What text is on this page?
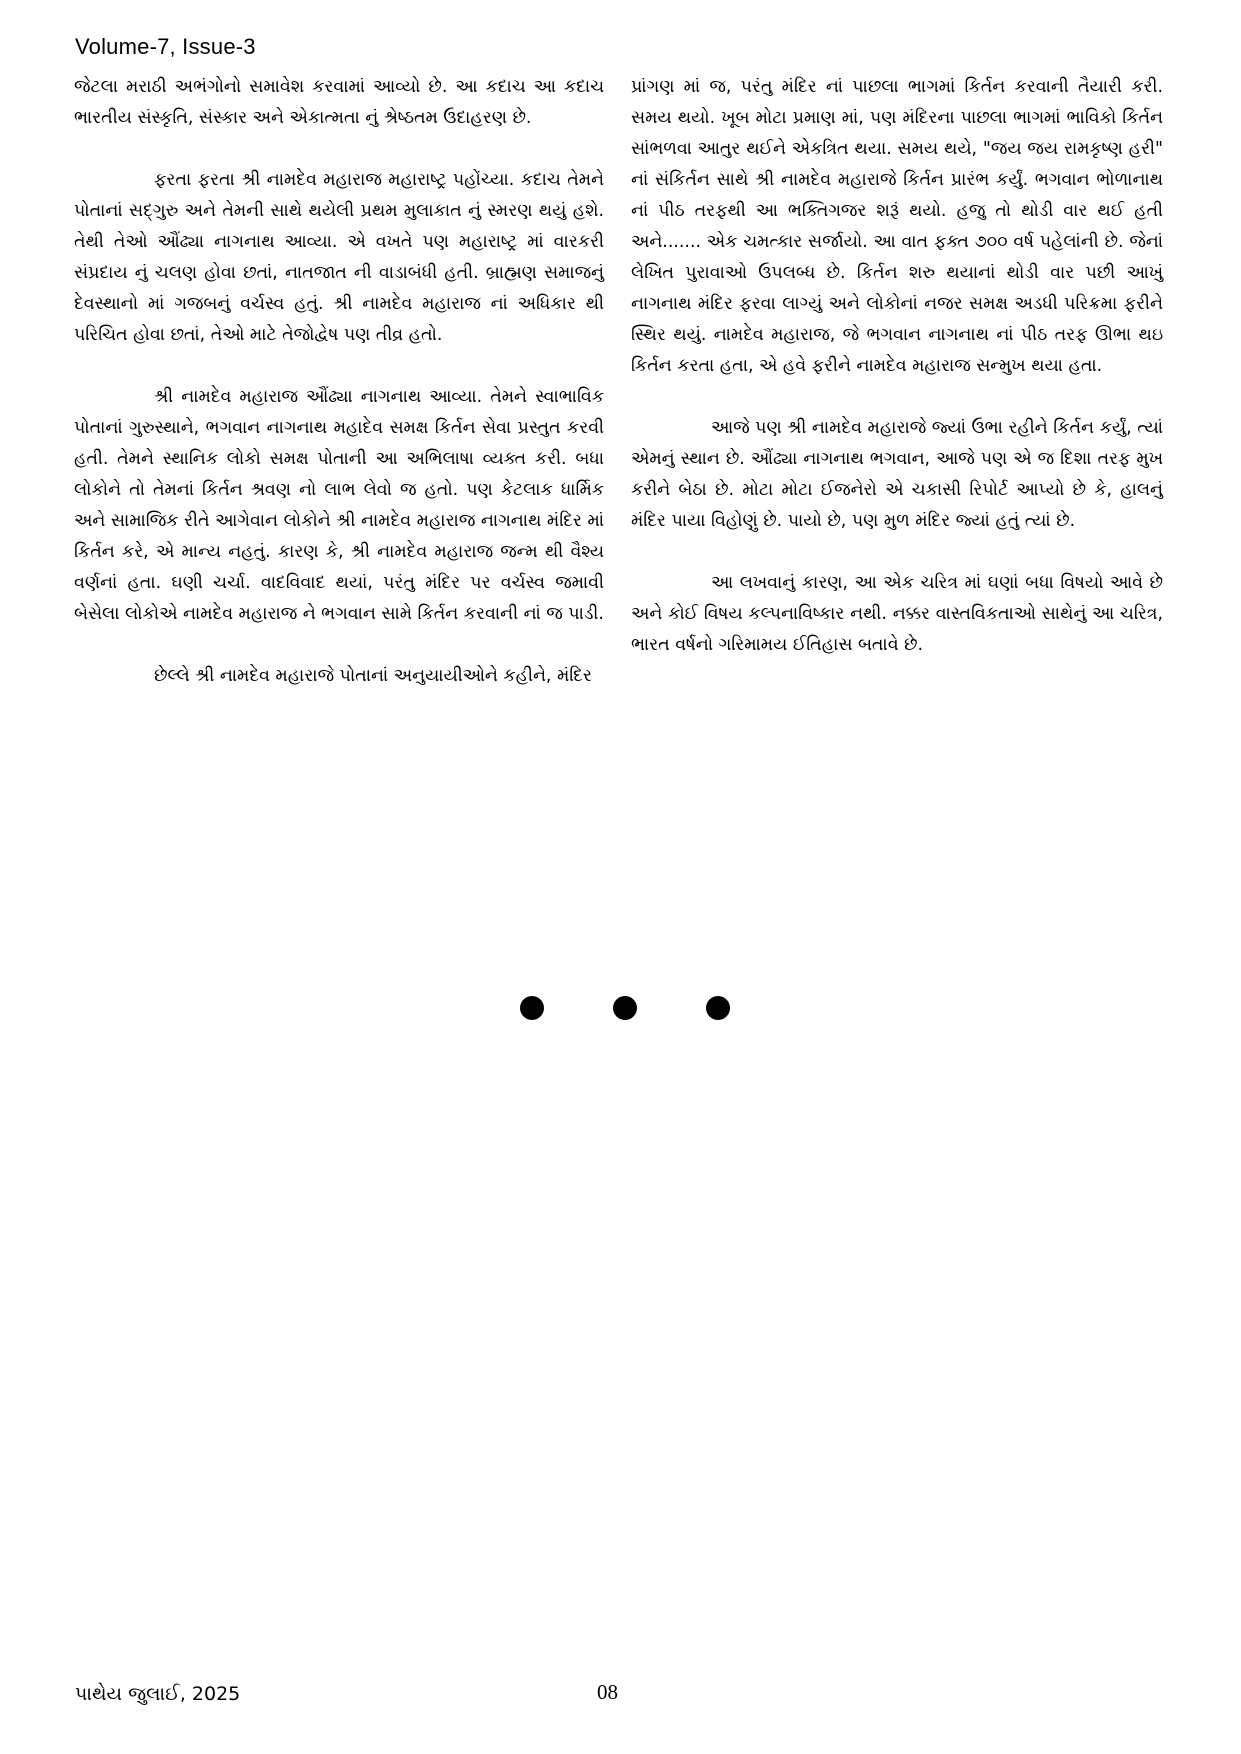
Volume-7, Issue-3

જેટલા મરાઠી અભંગોનો સમાવેશ કરવામાં આવ્યો છે. આ કદાચ આ કદાચ ભારતીય સંસ્કૃતિ, સંસ્કાર અને એકાત્મતા નું શ્રેષ્ઠતમ ઉદાહરણ છે.

ફરતા ફરતા શ્રી નામદેવ મહારાજ મહારાષ્ટ્ર પહોંચ્યા. કદાચ તેમને પોતાનાં સદ્ગુરુ અને તેમની સાથે થયેલી પ્રથમ મુલાકાત નું સ્મરણ થયું હશે. તેથી તેઓ ઔંઢ્યા નાગનાથ આવ્યા. એ વખતે પણ મહારાષ્ટ્ર માં વારકરી સંપ્રદાય નું ચલણ હોવા છતાં, નાતજાત ની વાડાબંધી હતી. બ્રાહ્મણ સમાજનું દેવસ્થાનો માં ગજબનું વર્ચસ્વ હતું. શ્રી નામદેવ મહારાજ નાં અધિકાર થી પરિચિત હોવા છતાં, તેઓ માટે તેજોદ્વેષ પણ તીવ્ર હતો.

શ્રી નામદેવ મહારાજ ઔંઢ્યા નાગનાથ આવ્યા. તેમને સ્વાભાવિક પોતાનાં ગુરુસ્થાને, ભગવાન નાગનાથ મહાદેવ સમક્ષ કિર્તન સેવા પ્રસ્તુત કરવી હતી. તેમને સ્થાનિક લોકો સમક્ષ પોતાની આ અભિલાષા વ્યક્ત કરી. બધા લોકોને તો તેમનાં કિર્તન શ્રવણ નો લાભ લેવો જ હતો. પણ કેટલાક ધાર્મિક અને સામાજિક રીતે આગેવાન લોકોને શ્રી નામદેવ મહારાજ નાગનાથ મંદિર માં કિર્તન કરે, એ માન્ય નહતું. કારણ કે, શ્રી નામદેવ મહારાજ જન્મ થી વૈશ્ય વર્ણનાં હતા. ઘણી ચર્ચા. વાદવિવાદ થયાં, પરંતુ મંદિર પર વર્ચસ્વ જમાવી બેસેલા લોકોએ નામદેવ મહારાજ ને ભગવાન સામે કિર્તન કરવાની નાં જ પાડી.

છેલ્લે શ્રી નામદેવ મહારાજે પોતાનાં અનુયાયીઓને કહીને, મંદિર

પ્રાંગણ માં જ, પરંતુ મંદિર નાં પાછલા ભાગમાં કિર્તન કરવાની તૈયારી કરી. સમય થયો. ખૂબ મોટા પ્રમાણ માં, પણ મંદિરના પાછલા ભાગમાં ભાવિકો કિર્તન સાંભળવા આતુર થઈને એકત્રિત થયા. સમય થયે, "જય જય રામકૃષ્ણ હરી" નાં સંકિર્તન સાથે શ્રી નામદેવ મહારાજે કિર્તન પ્રારંભ કર્યું. ભગવાન ભોળાનાથ નાં પીઠ તરફથી આ ભક્તિગજર શરૂં થયો. હજુ તો થોડી વાર થઈ હતી અને....... એક ચમત્કાર સર્જાયો. આ વાત ફક્ત ૭૦૦ વર્ષ પહેલાંની છે. જેનાં લેખિત પુરાવાઓ ઉપલબ્ધ છે. કિર્તન શરુ થયાનાં થોડી વાર પછી આખું નાગનાથ મંદિર ફરવા લાગ્યું અને લોકોનાં નજર સમક્ષ અડધી પરિક્રમા ફરીને સ્થિર થયું. નામદેવ મહારાજ, જે ભગવાન નાગનાથ નાં પીઠ તરફ ઊભા થઇ કિર્તન કરતા હતા, એ હવે ફરીને નામદેવ મહારાજ સન્મુખ થયા હતા.

આજે પણ શ્રી નામદેવ મહારાજે જ્યાં ઉભા રહીને કિર્તન કર્યું, ત્યાં એમનું સ્થાન છે. ઔંઢ્યા નાગનાથ ભગવાન, આજે પણ એ જ દિશા તરફ મુખ કરીને બેઠા છે. મોટા મોટા ઈજનેરો એ ચકાસી રિપોર્ટ આપ્યો છે કે, હાલનું મંદિર પાયા વિહોણું છે. પાયો છે, પણ મુળ મંદિર જ્યાં હતું ત્યાં છે.

આ લખવાનું કારણ, આ એક ચરિત્ર માં ઘણાં બધા વિષયો આવે છે અને કોઈ વિષય કલ્પનાવિષ્કાર નથી. નક્કર વાસ્તવિકતાઓ સાથેનું આ ચરિત્ર, ભારત વર્ષનો ગરિમામય ઈતિહાસ બતાવે છે.

પાથેય જુલાઈ, 2025	08
